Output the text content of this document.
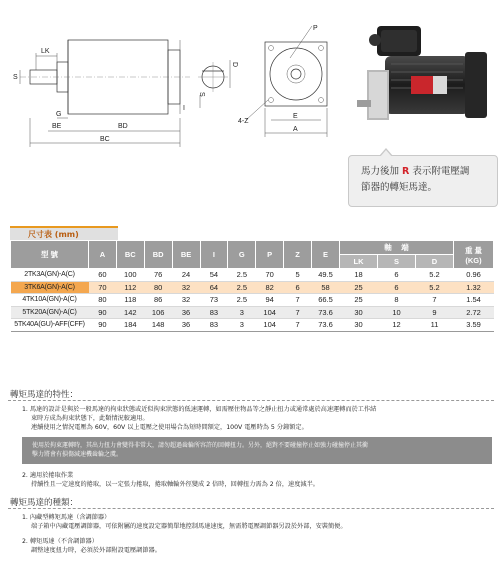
LK
S
G
I
BE	BD
BC
D
S
P
4-Z
E
A
馬力後加 R 表示附電壓調
節器的轉矩馬達。
尺寸表 (mm)
型 號	A	BC	BD	BE	I	G	P	Z	E	軸　 端			重 量
(KG)
										LK	S	D	
2TK3A(GN)-A(C)	60	100	76	24	54	2.5	70	5	49.5	18	6	5.2	0.96
3TK6A(GN)-A(C)	70	112	80	32	64	2.5	82	6	58	25	6	5.2	1.32
4TK10A(GN)-A(C)	80	118	86	32	73	2.5	94	7	66.5	25	8	7	1.54
5TK20A(GN)-A(C)	90	142	106	36	83	3	104	7	73.6	30	10	9	2.72
5TK40A(GU)-AFF(CFF)	90	184	148	36	83	3	104	7	73.6	30	12	11	3.59
轉矩馬達的特性：
1. 馬達的設計是與於一般馬達的拘束狀態或近似拘束狀態的低速運轉，如需壓住物品等之靜止扭力或通常處於高速運轉而於工作結
束時方成為拘束狀態下，此類情況較適用。
連續使用之情況電壓為 60V，60V 以上電壓之使用場合為短時間額定，100V 電壓時為 5 分鐘額定。
使用於拘束運轉時，其出力扭力會變得非常大，請勿超過齒輪所容許的回轉扭力。另外，絕對不要碰撞停止如強力碰撞停止其衝
擊力將會有損傷減速機齒輪之虞。
2. 適用於捲取作業
持續性且一定速度的捲取，以一定張力捲取，捲取軸輪外徑變成 2 倍時，回轉扭力需為 2 倍，速度減半。
轉矩馬達的種類：
1. 內藏型轉矩馬達（含調節器）
端子箱中內藏電壓調節器，可依附屬的速度設定器簡單地控制馬達速度，無需將電壓調節器另設於外部，安裝簡便。
2. 轉矩馬達（不含調節器）
調整速度扭力時，必須於外部附設電壓調節器。
